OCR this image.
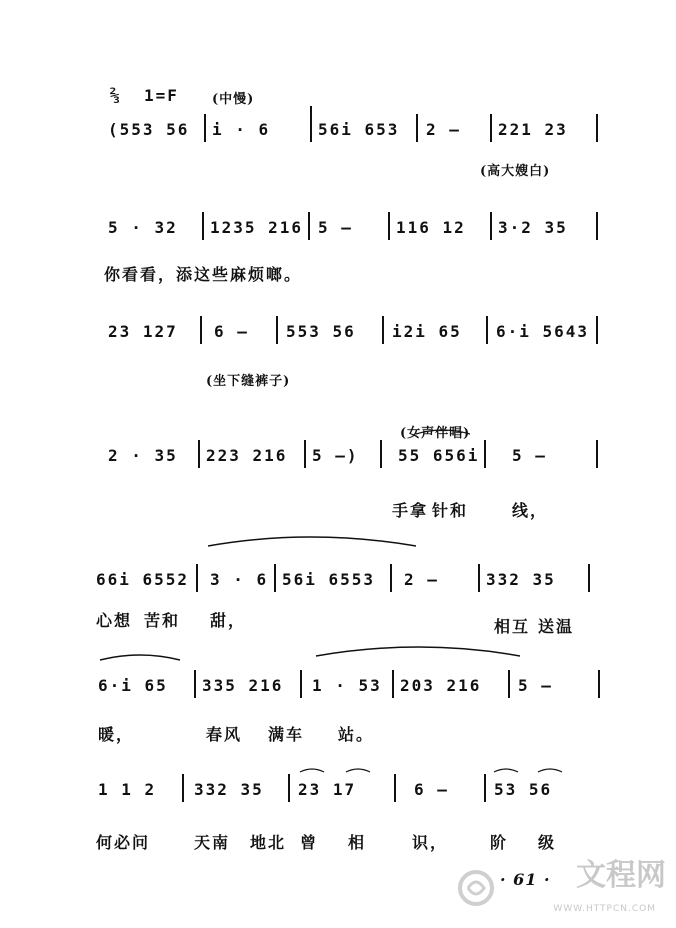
⅔ 1=F	(中慢)
(553 56 i · 6	56i 653 2 — 221 23
(高大嫂白)
5 · 32 1235 216 5 —	116 12 3·2 35
你看看，添这些麻烦啷。
23 127 6 — 553 56 i2i 65 6·i 5643
(坐下缝裤子)
(女声伴唱)
2 · 35 223 216 5 —) 55 656i 5 —
手拿 针和	线，
66i 6552 3 · 6 56i 6553 2 —	332 35
心想 苦和 甜，	相互 送温
6·i 65 335 216 1 · 53 203 216 5 —
暖，	春风 满车 站。
1 1 2 332 35 23 17	6 —	53 56
何必问	天南 地北 曾 相	识，	阶 级
· 61 · 文程网
WWW.HTTPCN.COM
